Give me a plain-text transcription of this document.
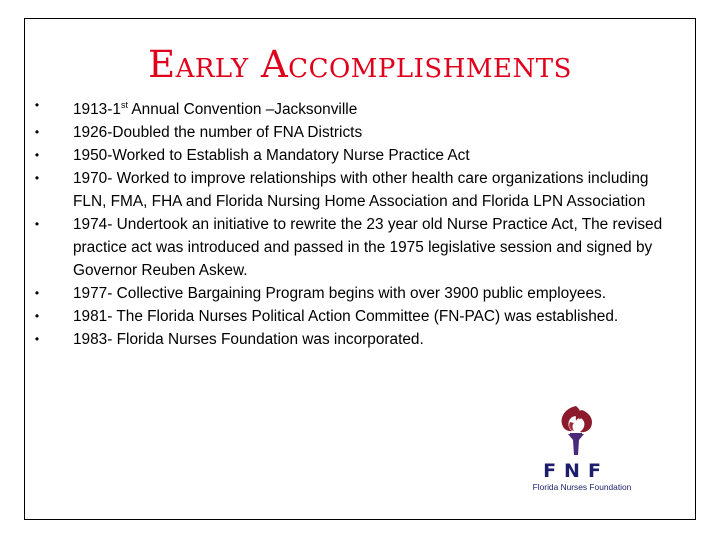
Early Accomplishments
• 1913-1st Annual Convention –Jacksonville
• 1926-Doubled the number of FNA Districts
• 1950-Worked to Establish a Mandatory Nurse Practice Act
• 1970- Worked to improve relationships with other health care organizations including FLN, FMA, FHA and Florida Nursing Home Association and Florida LPN Association
• 1974- Undertook an initiative to rewrite the 23 year old Nurse Practice Act, The revised practice act was introduced and passed in the 1975 legislative session and signed by Governor Reuben Askew.
• 1977- Collective Bargaining Program begins with over 3900 public employees.
• 1981- The Florida Nurses Political Action Committee (FN-PAC) was established.
• 1983- Florida Nurses Foundation was incorporated.
FNF
Florida Nurses Foundation
